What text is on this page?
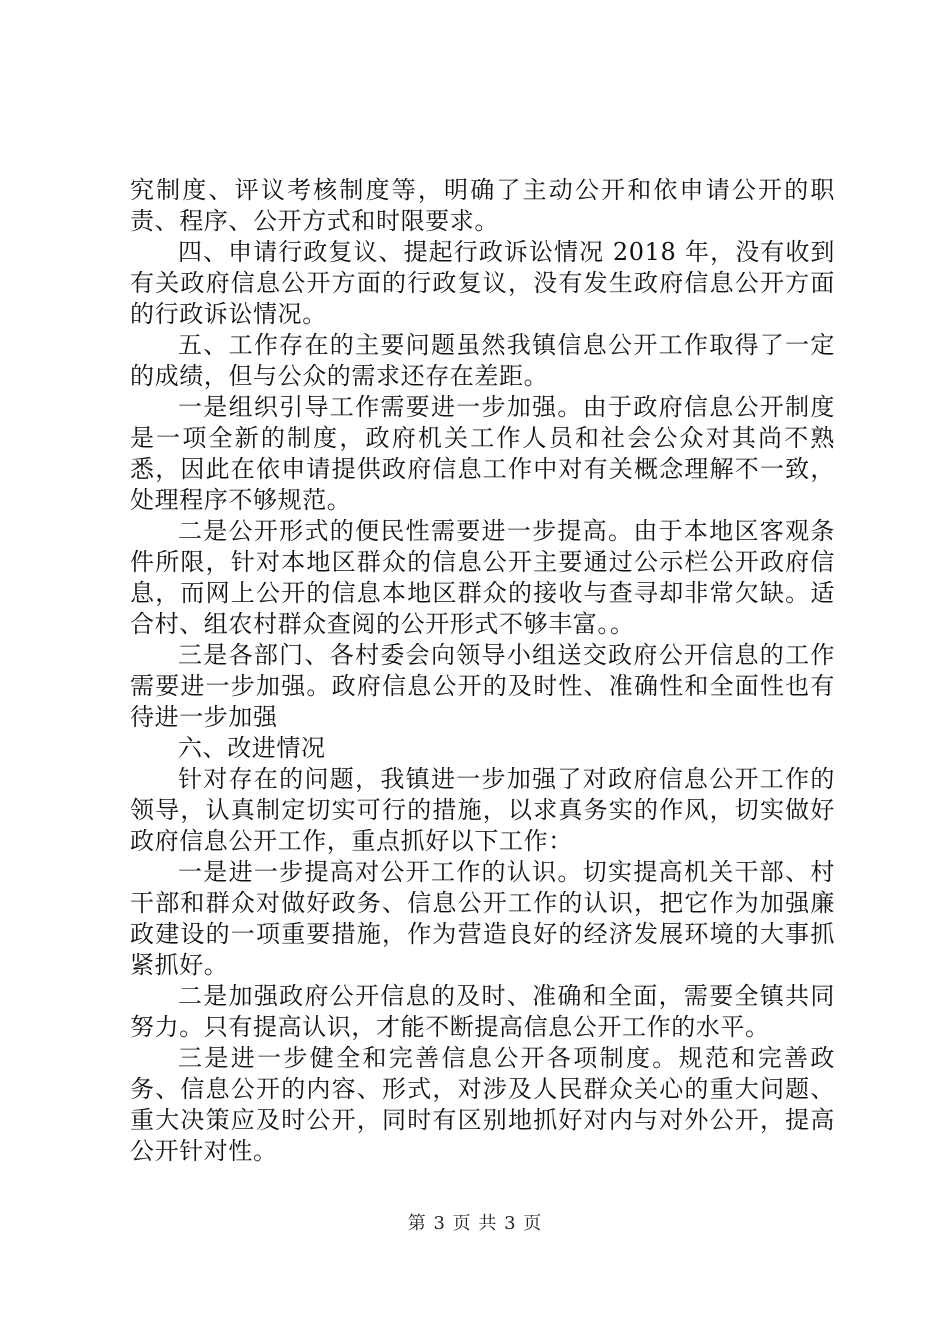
究制度、评议考核制度等，明确了主动公开和依申请公开的职责、程序、公开方式和时限要求。

四、申请行政复议、提起行政诉讼情况 2018 年，没有收到有关政府信息公开方面的行政复议，没有发生政府信息公开方面的行政诉讼情况。

五、工作存在的主要问题虽然我镇信息公开工作取得了一定的成绩，但与公众的需求还存在差距。

一是组织引导工作需要进一步加强。由于政府信息公开制度是一项全新的制度，政府机关工作人员和社会公众对其尚不熟悉，因此在依申请提供政府信息工作中对有关概念理解不一致，处理程序不够规范。

二是公开形式的便民性需要进一步提高。由于本地区客观条件所限，针对本地区群众的信息公开主要通过公示栏公开政府信息，而网上公开的信息本地区群众的接收与查寻却非常欠缺。适合村、组农村群众查阅的公开形式不够丰富。。

三是各部门、各村委会向领导小组送交政府公开信息的工作需要进一步加强。政府信息公开的及时性、准确性和全面性也有待进一步加强

六、改进情况

针对存在的问题，我镇进一步加强了对政府信息公开工作的领导，认真制定切实可行的措施，以求真务实的作风，切实做好政府信息公开工作，重点抓好以下工作：

一是进一步提高对公开工作的认识。切实提高机关干部、村干部和群众对做好政务、信息公开工作的认识，把它作为加强廉政建设的一项重要措施，作为营造良好的经济发展环境的大事抓紧抓好。

二是加强政府公开信息的及时、准确和全面，需要全镇共同努力。只有提高认识，才能不断提高信息公开工作的水平。

三是进一步健全和完善信息公开各项制度。规范和完善政务、信息公开的内容、形式，对涉及人民群众关心的重大问题、重大决策应及时公开，同时有区别地抓好对内与对外公开，提高公开针对性。

第 3 页 共 3 页
